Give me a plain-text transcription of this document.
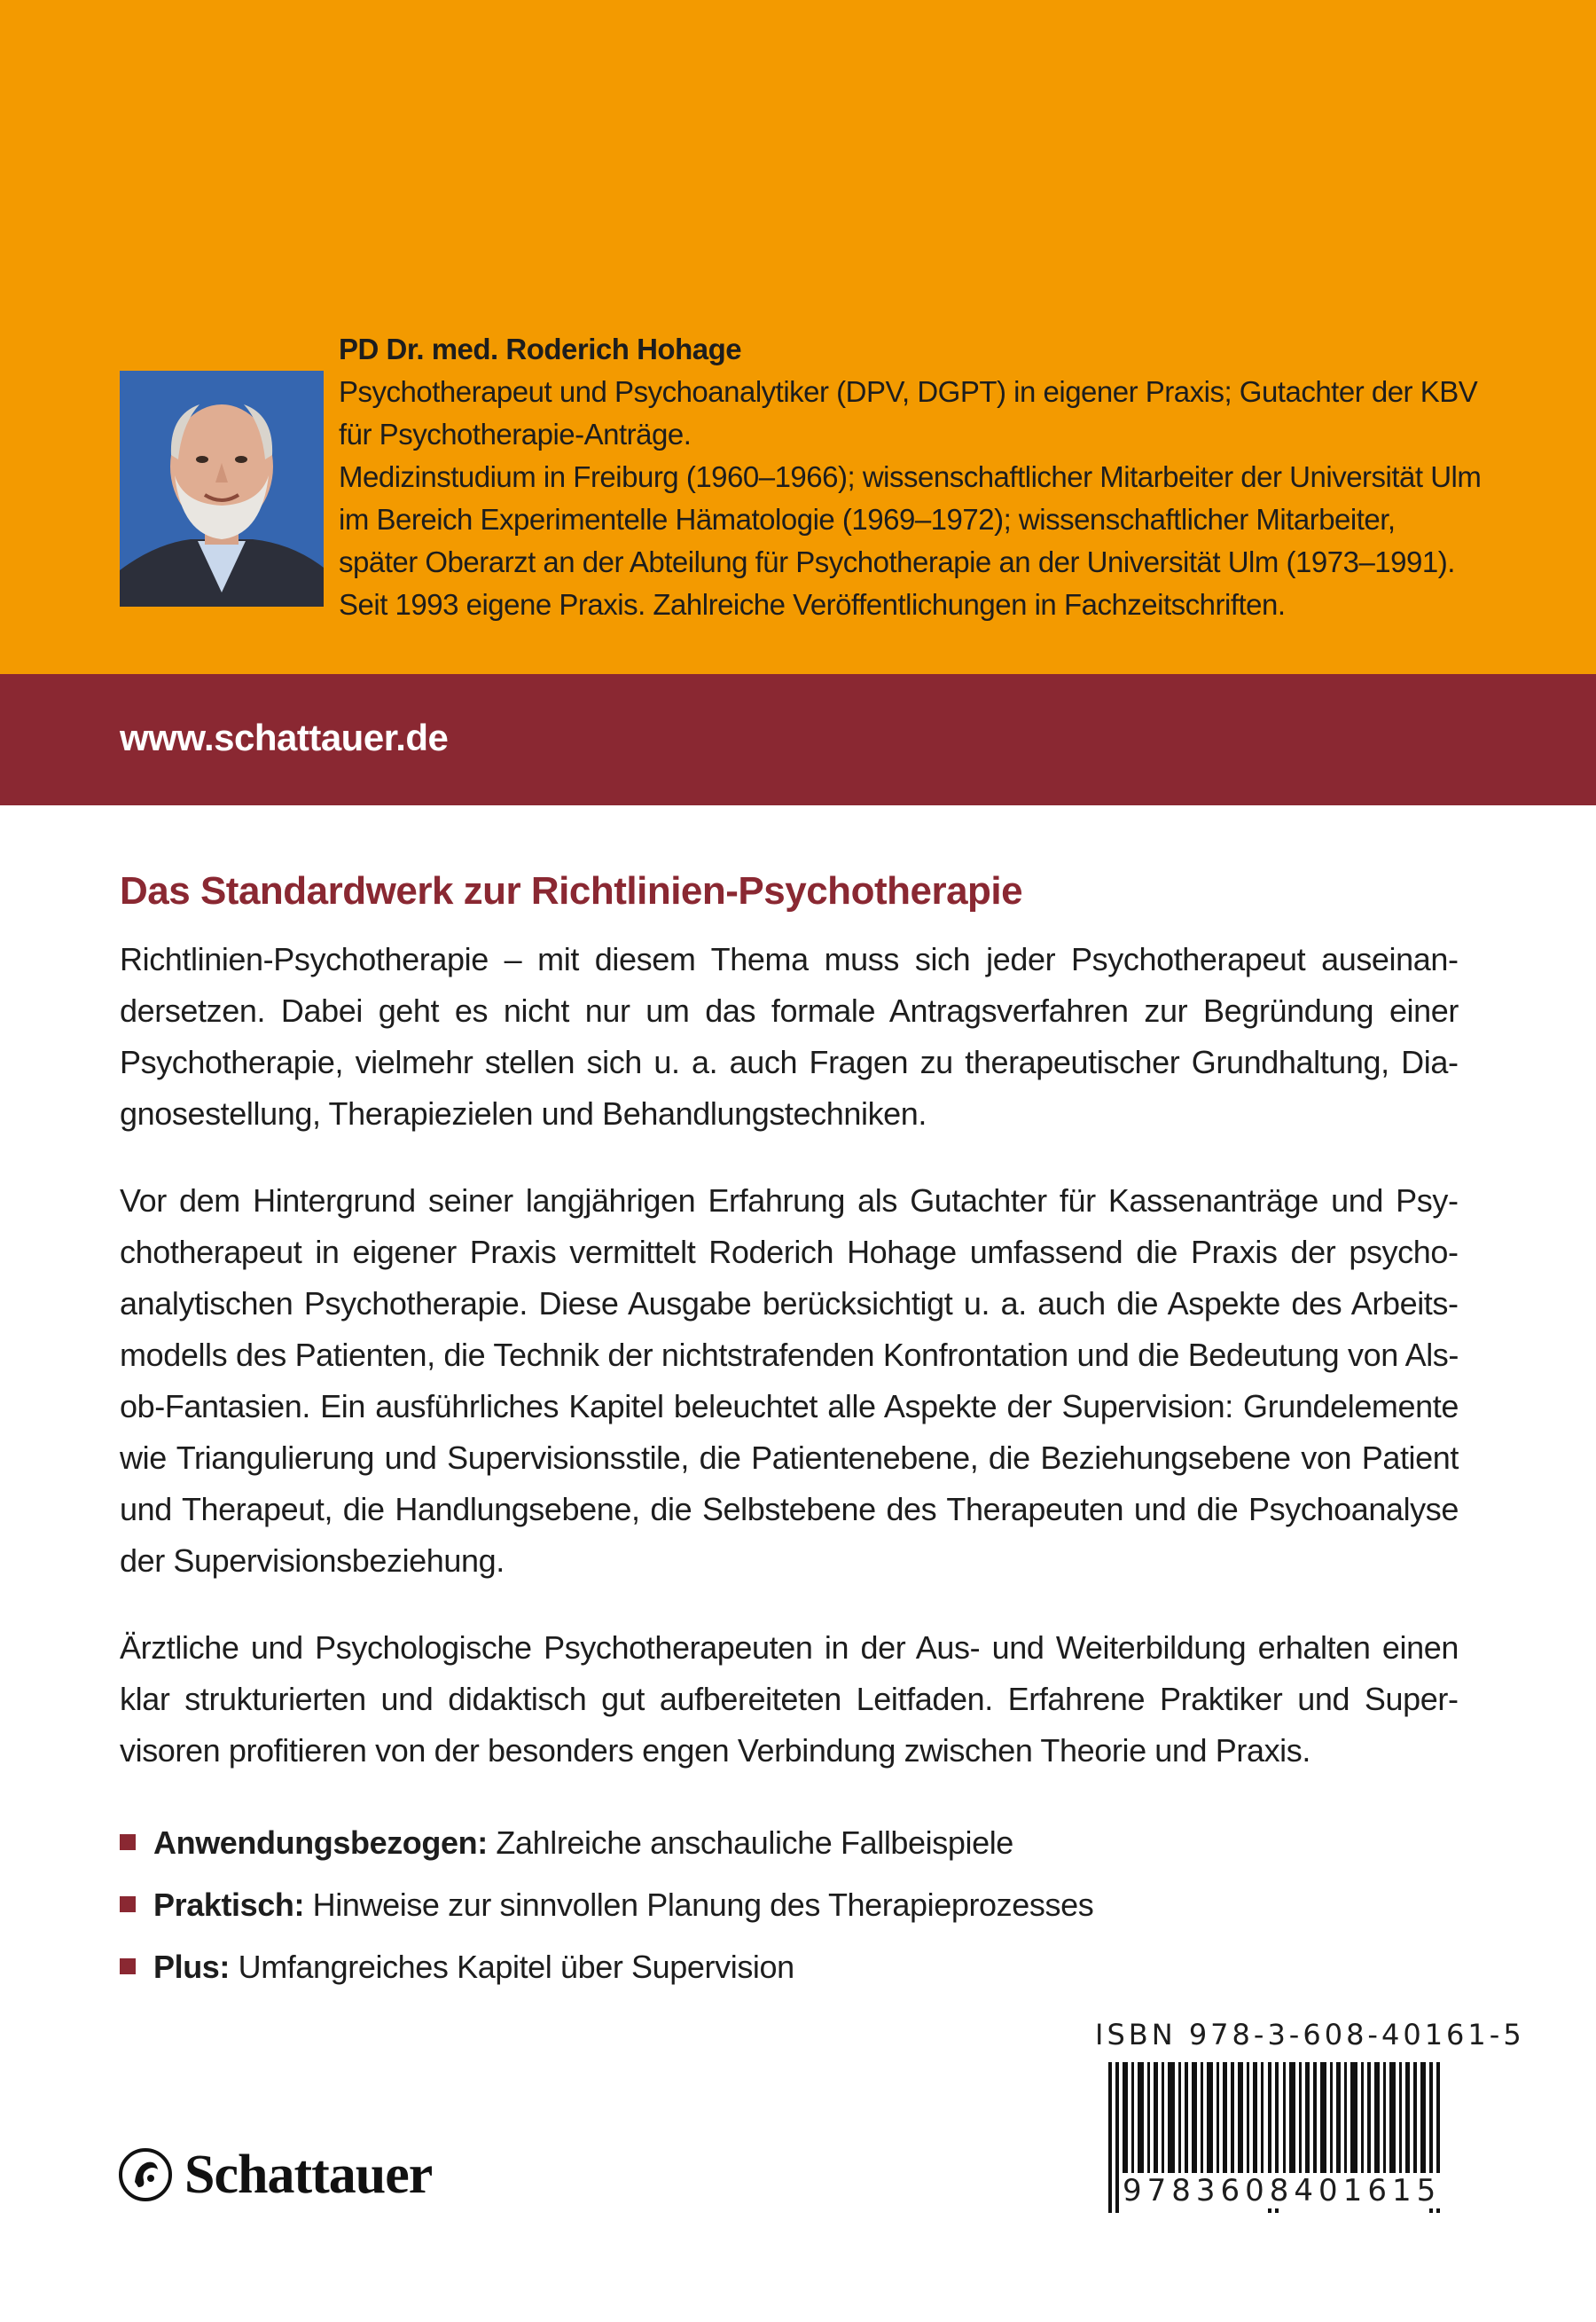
PD Dr. med. Roderich Hohage
Psychotherapeut und Psychoanalytiker (DPV, DGPT) in eigener Praxis; Gutachter der KBV
für Psychotherapie-Anträge.
Medizinstudium in Freiburg (1960–1966); wissenschaftlicher Mitarbeiter der Universität Ulm
im Bereich Experimentelle Hämatologie (1969–1972); wissenschaftlicher Mitarbeiter,
später Oberarzt an der Abteilung für Psychotherapie an der Universität Ulm (1973–1991).
Seit 1993 eigene Praxis. Zahlreiche Veröffentlichungen in Fachzeitschriften.
www.schattauer.de
Das Standardwerk zur Richtlinien-Psychotherapie

Richtlinien-Psychotherapie – mit diesem Thema muss sich jeder Psychotherapeut auseinandersetzen. Dabei geht es nicht nur um das formale Antragsverfahren zur Begründung einer Psychotherapie, vielmehr stellen sich u. a. auch Fragen zu therapeutischer Grundhaltung, Diagnosestellung, Therapiezielen und Behandlungstechniken.

Vor dem Hintergrund seiner langjährigen Erfahrung als Gutachter für Kassenanträge und Psychotherapeut in eigener Praxis vermittelt Roderich Hohage umfassend die Praxis der psychoanalytischen Psychotherapie. Diese Ausgabe berücksichtigt u. a. auch die Aspekte des Arbeitsmodells des Patienten, die Technik der nichtstrafenden Konfrontation und die Bedeutung von Als-ob-Fantasien. Ein ausführliches Kapitel beleuchtet alle Aspekte der Supervision: Grundelemente wie Triangulierung und Supervisionsstile, die Patientenebene, die Beziehungsebene von Patient und Therapeut, die Handlungsebene, die Selbstebene des Therapeuten und die Psychoanalyse der Supervisionsbeziehung.

Ärztliche und Psychologische Psychotherapeuten in der Aus- und Weiterbildung erhalten einen klar strukturierten und didaktisch gut aufbereiteten Leitfaden. Erfahrene Praktiker und Supervisoren profitieren von der besonders engen Verbindung zwischen Theorie und Praxis.

Anwendungsbezogen: Zahlreiche anschauliche Fallbeispiele
Praktisch: Hinweise zur sinnvollen Planung des Therapieprozesses
Plus: Umfangreiches Kapitel über Supervision
ISBN 978-3-608-40161-5
9783608401615
Schattauer
